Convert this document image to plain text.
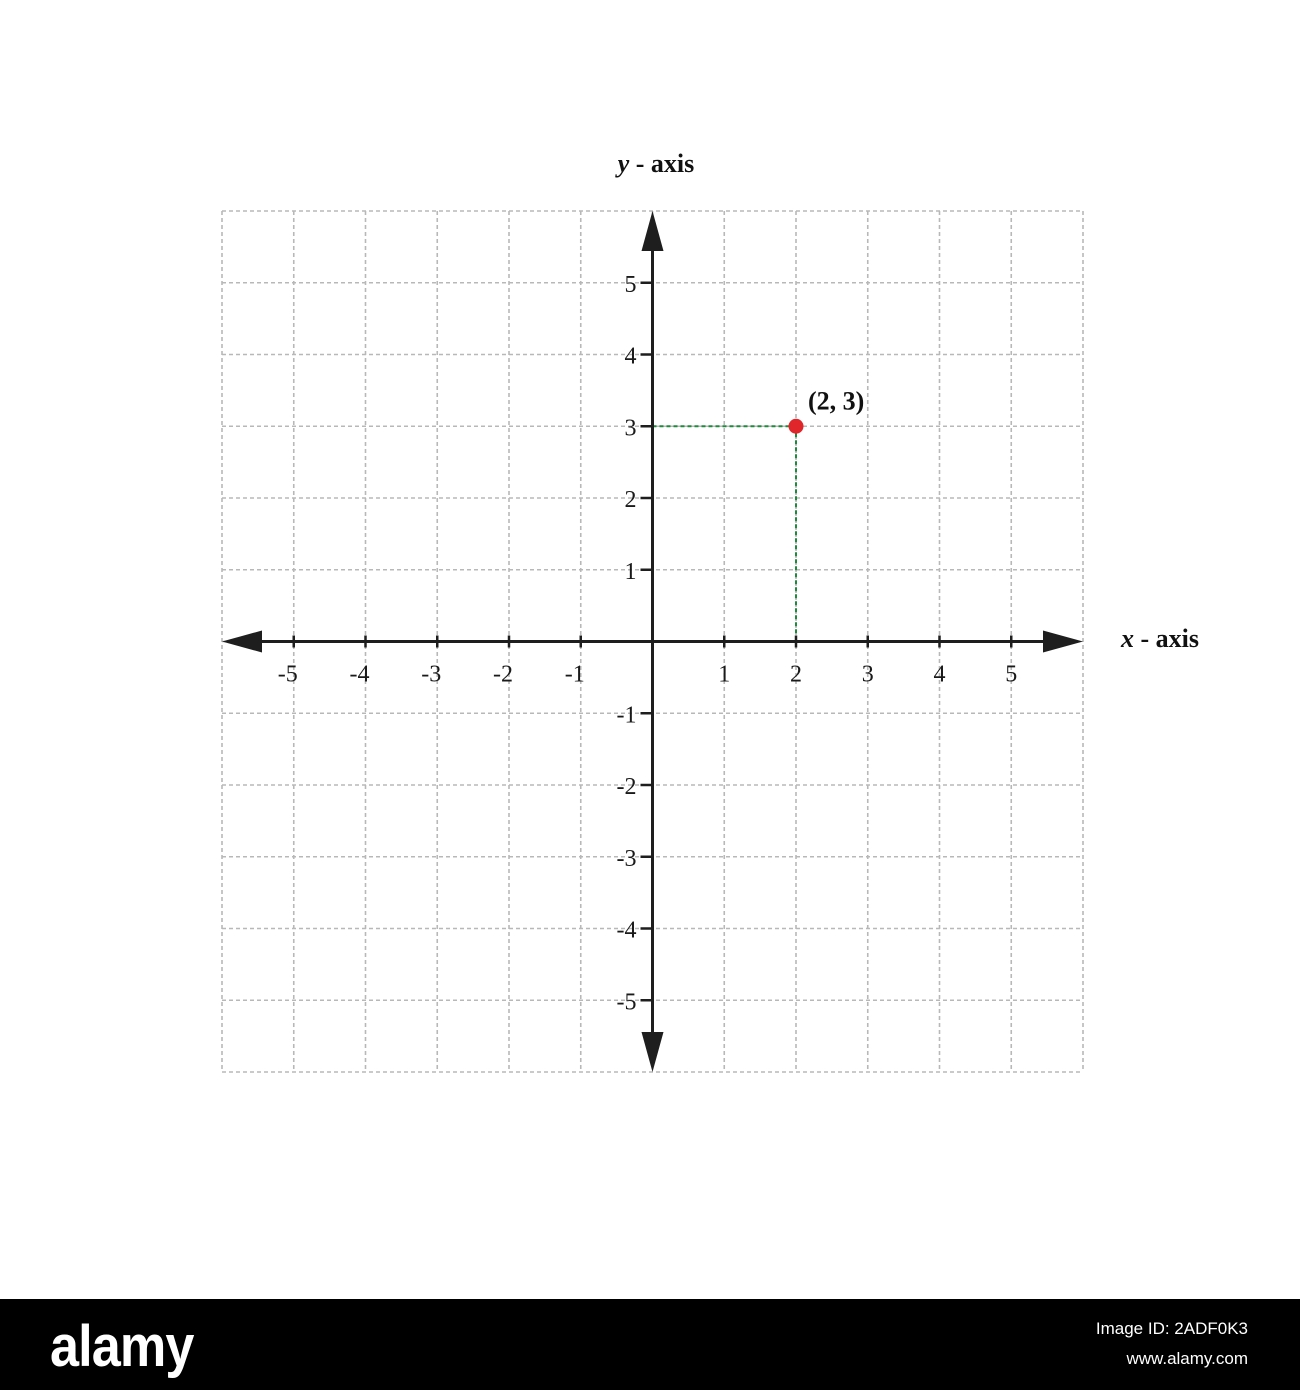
-5 -4 -3 -2 -1	1 2 3 4 5
-5
-4
-3
-2
-1
1
2
3
4
5
(2, 3)
y - axis
x - axis
alamy	Image ID: 2ADF0K3
www.alamy.com
